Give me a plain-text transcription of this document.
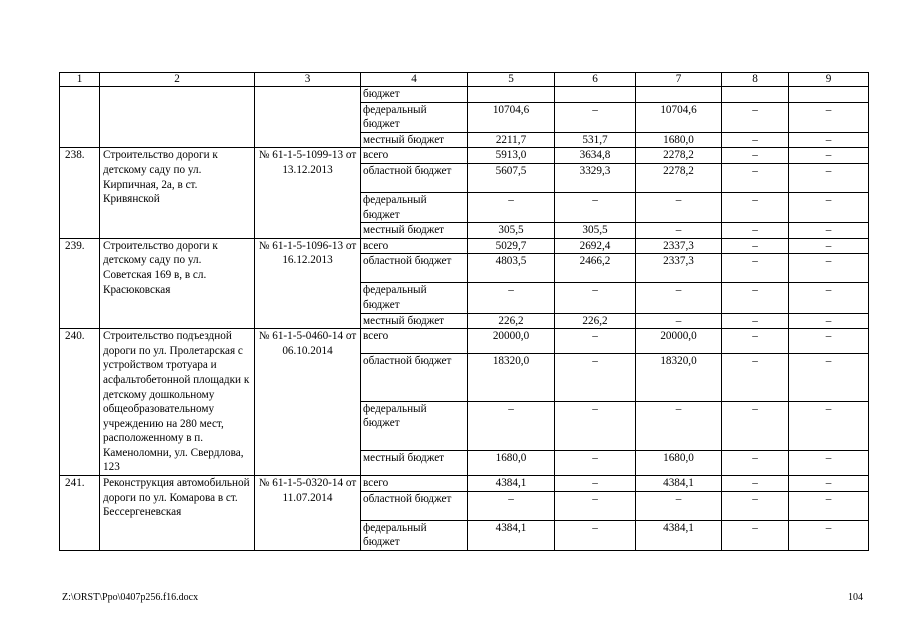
1	2	3	4	5	6	7	8	9
			бюджет					
			федеральный бюджет	10704,6	–	10704,6	–	–
			местный бюджет	2211,7	531,7	1680,0	–	–
238.	Строительство дороги к детскому саду по ул. Кирпичная, 2а, в ст. Кривянской	№ 61-1-5-1099-13 от 13.12.2013	всего	5913,0	3634,8	2278,2	–	–
			областной бюджет	5607,5	3329,3	2278,2	–	–
			федеральный бюджет	–	–	–	–	–
			местный бюджет	305,5	305,5	–	–	–
239.	Строительство дороги к детскому саду по ул. Советская 169 в, в сл. Красюковская	№ 61-1-5-1096-13 от 16.12.2013	всего	5029,7	2692,4	2337,3	–	–
			областной бюджет	4803,5	2466,2	2337,3	–	–
			федеральный бюджет	–	–	–	–	–
			местный бюджет	226,2	226,2	–	–	–
240.	Строительство подъездной дороги по ул. Пролетарская с устройством тротуара и асфальтобетонной площадки к детскому дошкольному общеобразовательному учреждению на 280 мест, расположенному в п. Каменоломни, ул. Свердлова, 123	№ 61-1-5-0460-14 от 06.10.2014	всего	20000,0	–	20000,0	–	–
			областной бюджет	18320,0	–	18320,0	–	–
			федеральный бюджет	–	–	–	–	–
			местный бюджет	1680,0	–	1680,0	–	–
241.	Реконструкция автомобильной дороги по ул. Комарова в ст. Бессергеневская	№ 61-1-5-0320-14 от 11.07.2014	всего	4384,1	–	4384,1	–	–
			областной бюджет	–	–	–	–	–
			федеральный бюджет	4384,1	–	4384,1	–	–
Z:\ORST\Ppo\0407p256.f16.docx	104
